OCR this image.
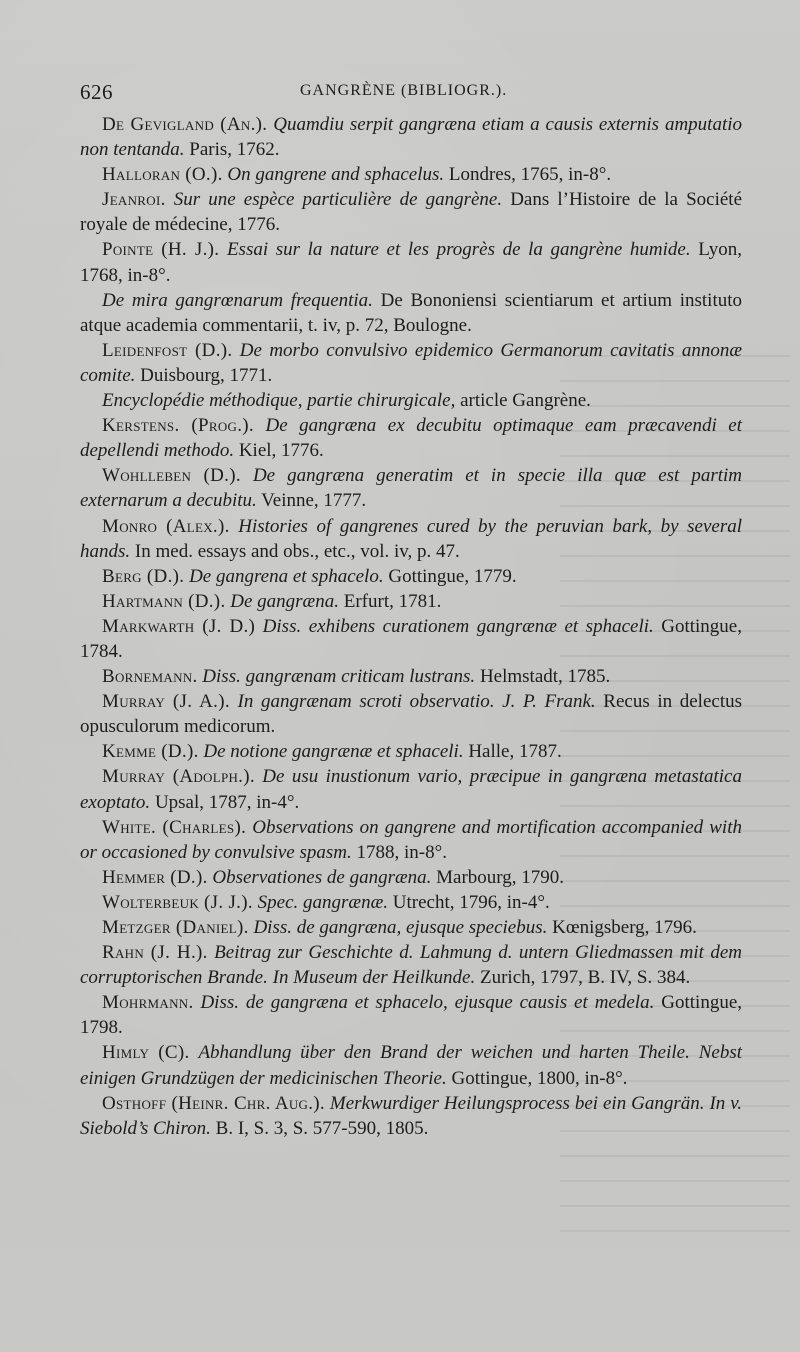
626	GANGRÈNE (BIBLIOGR.).

De Gevigland (An.). Quamdiu serpit gangræna etiam a causis externis amputatio non tentanda. Paris, 1762.

Halloran (O.). On gangrene and sphacelus. Londres, 1765, in-8°.

Jeanroi. Sur une espèce particulière de gangrène. Dans l’Histoire de la Société royale de médecine, 1776.

Pointe (H. J.). Essai sur la nature et les progrès de la gangrène humide. Lyon, 1768, in-8°.

De mira gangrœnarum frequentia. De Bononiensi scientiarum et artium instituto atque academia commentarii, t. iv, p. 72, Boulogne.

Leidenfost (D.). De morbo convulsivo epidemico Germanorum cavitatis annonæ comite. Duisbourg, 1771.

Encyclopédie méthodique, partie chirurgicale, article Gangrène.

Kerstens. (Prog.). De gangræna ex decubitu optimaque eam præcavendi et depellendi methodo. Kiel, 1776.

Wohlleben (D.). De gangræna generatim et in specie illa quæ est partim externarum a decubitu. Veinne, 1777.

Monro (Alex.). Histories of gangrenes cured by the peruvian bark, by several hands. In med. essays and obs., etc., vol. iv, p. 47.

Berg (D.). De gangrena et sphacelo. Gottingue, 1779.

Hartmann (D.). De gangræna. Erfurt, 1781.

Markwarth (J. D.) Diss. exhibens curationem gangrænæ et sphaceli. Gottingue, 1784.

Bornemann. Diss. gangrænam criticam lustrans. Helmstadt, 1785.

Murray (J. A.). In gangrænam scroti observatio. J. P. Frank. Recus in delectus opusculorum medicorum.

Kemme (D.). De notione gangrænæ et sphaceli. Halle, 1787.

Murray (Adolph.). De usu inustionum vario, præcipue in gangræna metastatica exoptato. Upsal, 1787, in-4°.

White. (Charles). Observations on gangrene and mortification accompanied with or occasioned by convulsive spasm. 1788, in-8°.

Hemmer (D.). Observationes de gangræna. Marbourg, 1790.

Wolterbeuk (J. J.). Spec. gangrænæ. Utrecht, 1796, in-4°.

Metzger (Daniel). Diss. de gangræna, ejusque speciebus. Kœnigsberg, 1796.

Rahn (J. H.). Beitrag zur Geschichte d. Lahmung d. untern Gliedmassen mit dem corruptorischen Brande. In Museum der Heilkunde. Zurich, 1797, B. IV, S. 384.

Mohrmann. Diss. de gangræna et sphacelo, ejusque causis et medela. Gottingue, 1798.

Himly (C). Abhandlung über den Brand der weichen und harten Theile. Nebst einigen Grundzügen der medicinischen Theorie. Gottingue, 1800, in-8°.

Osthoff (Heinr. Chr. Aug.). Merkwurdiger Heilungsprocess bei ein Gangrän. In v. Siebold’s Chiron. B. I, S. 3, S. 577-590, 1805.
